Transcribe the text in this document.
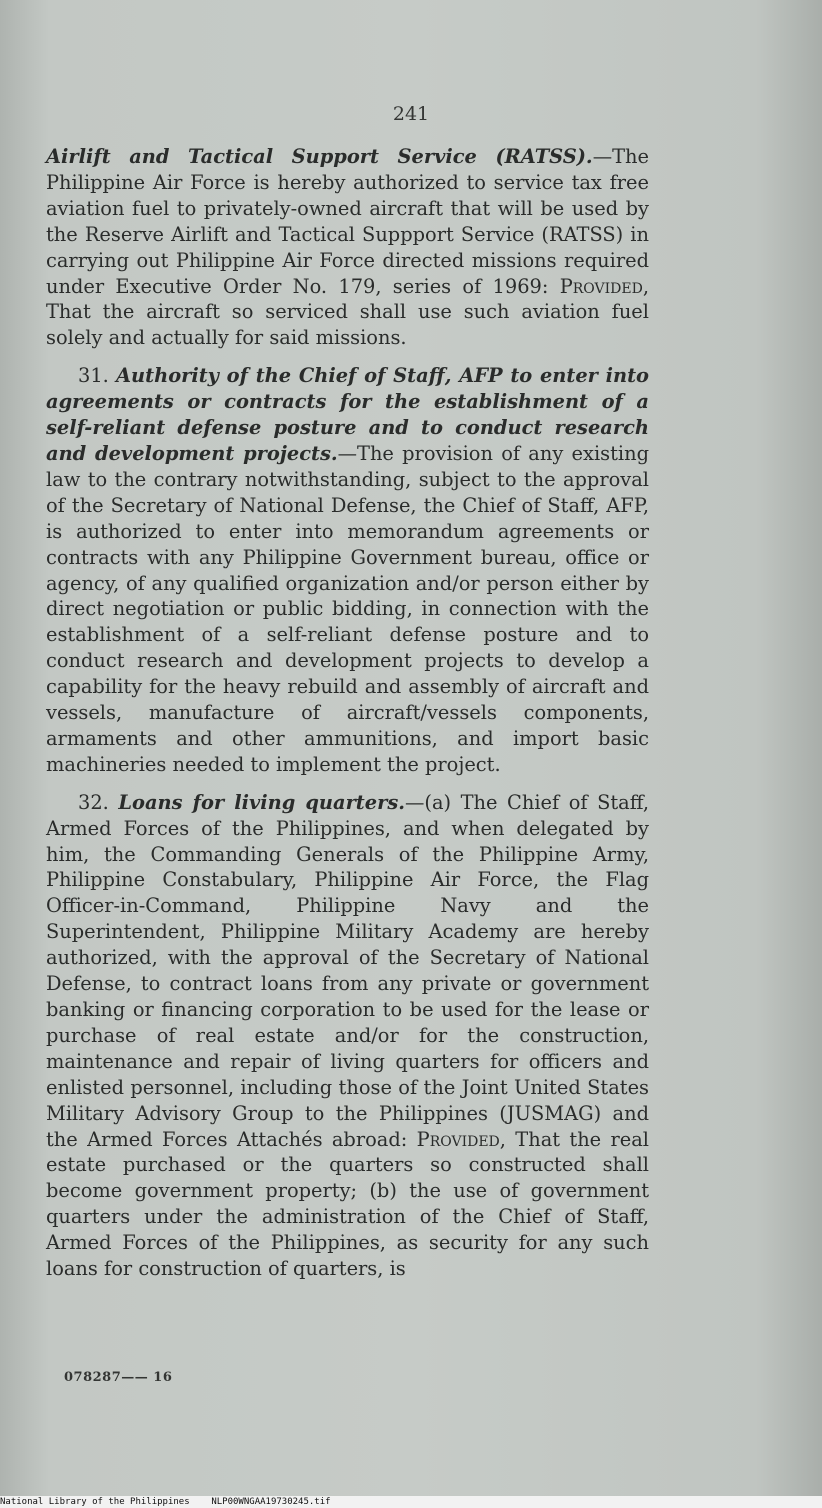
241

Airlift and Tactical Support Service (RATSS).—The Philippine Air Force is hereby authorized to service tax free aviation fuel to privately-owned aircraft that will be used by the Reserve Airlift and Tactical Suppport Service (RATSS) in carrying out Philippine Air Force directed missions required under Executive Order No. 179, series of 1969: Provided, That the aircraft so serviced shall use such aviation fuel solely and actually for said missions.

31. Authority of the Chief of Staff, AFP to enter into agreements or contracts for the establishment of a self-reliant defense posture and to conduct research and development projects.—The provision of any existing law to the contrary notwithstanding, subject to the approval of the Secretary of National Defense, the Chief of Staff, AFP, is authorized to enter into memorandum agreements or contracts with any Philippine Government bureau, office or agency, of any qualified organization and/or person either by direct negotiation or public bidding, in connection with the establishment of a self-reliant defense posture and to conduct research and development projects to develop a capability for the heavy rebuild and assembly of aircraft and vessels, manufacture of aircraft/vessels components, armaments and other ammunitions, and import basic machineries needed to implement the project.

32. Loans for living quarters.—(a) The Chief of Staff, Armed Forces of the Philippines, and when delegated by him, the Commanding Generals of the Philippine Army, Philippine Constabulary, Philippine Air Force, the Flag Officer-in-Command, Philippine Navy and the Superintendent, Philippine Military Academy are hereby authorized, with the approval of the Secretary of National Defense, to contract loans from any private or government banking or financing corporation to be used for the lease or purchase of real estate and/or for the construction, maintenance and repair of living quarters for officers and enlisted personnel, including those of the Joint United States Military Advisory Group to the Philippines (JUSMAG) and the Armed Forces Attachés abroad: Provided, That the real estate purchased or the quarters so constructed shall become government property; (b) the use of government quarters under the administration of the Chief of Staff, Armed Forces of the Philippines, as security for any such loans for construction of quarters, is

078287—— 16
National Library of the Philippines NLP00WNGAA19730245.tif
